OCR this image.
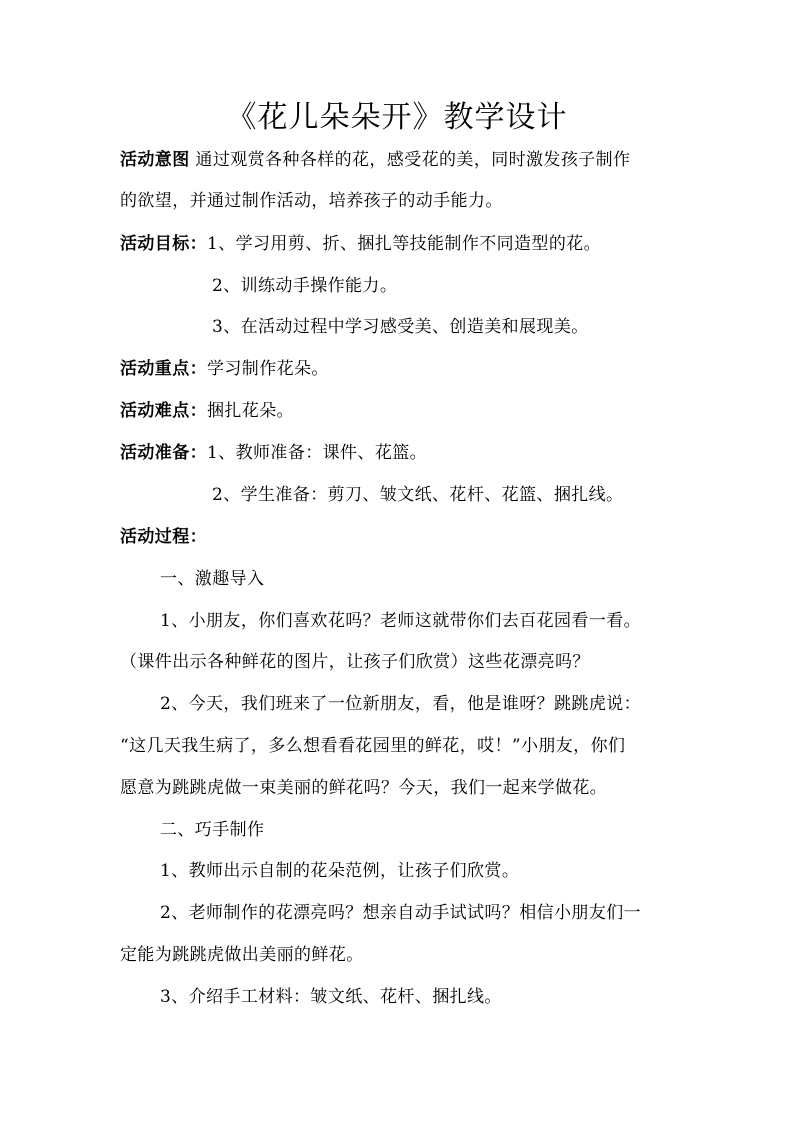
《花儿朵朵开》教学设计
活动意图 通过观赏各种各样的花，感受花的美，同时激发孩子制作
的欲望，并通过制作活动，培养孩子的动手能力。
活动目标：1、学习用剪、折、捆扎等技能制作不同造型的花。
2、训练动手操作能力。
3、在活动过程中学习感受美、创造美和展现美。
活动重点：学习制作花朵。
活动难点：捆扎花朵。
活动准备：1、教师准备：课件、花篮。
2、学生准备：剪刀、皱文纸、花杆、花篮、捆扎线。
活动过程：
一、激趣导入
1、小朋友，你们喜欢花吗？老师这就带你们去百花园看一看。
（课件出示各种鲜花的图片，让孩子们欣赏）这些花漂亮吗？
2、今天，我们班来了一位新朋友，看，他是谁呀？跳跳虎说：
“这几天我生病了，多么想看看花园里的鲜花，哎！”小朋友，你们
愿意为跳跳虎做一束美丽的鲜花吗？今天，我们一起来学做花。
二、巧手制作
1、教师出示自制的花朵范例，让孩子们欣赏。
2、老师制作的花漂亮吗？想亲自动手试试吗？相信小朋友们一
定能为跳跳虎做出美丽的鲜花。
3、介绍手工材料：皱文纸、花杆、捆扎线。
